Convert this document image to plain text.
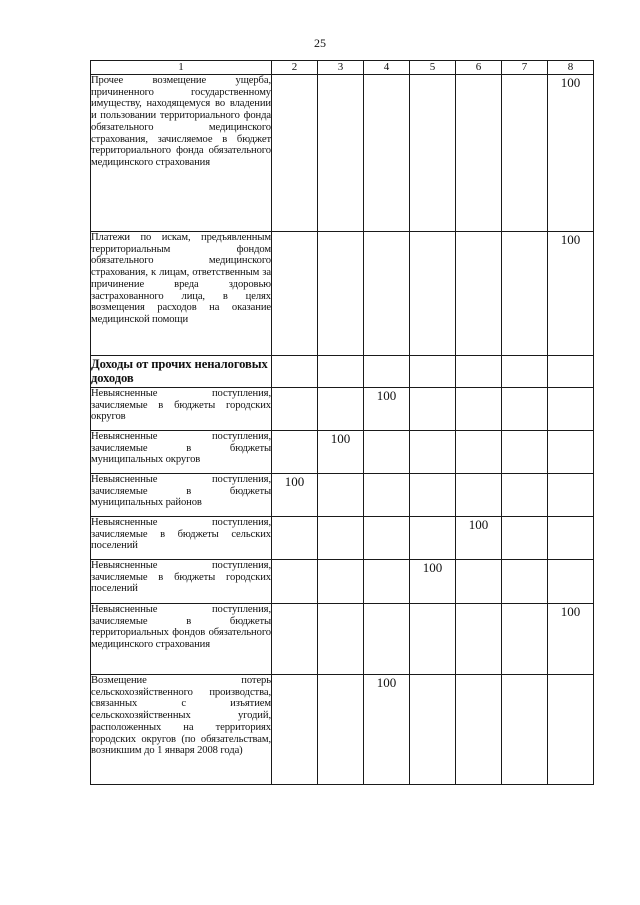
25
1	2	3	4	5	6	7	8
Прочее возмещение ущерба, причиненного государственному имуществу, находящемуся во владении и пользовании территориального фонда обязательного медицинского страхования, зачисляемое в бюджет территориального фонда обязательного медицинского страхования							100
Платежи по искам, предъявленным территориальным фондом обязательного медицинского страхования, к лицам, ответственным за причинение вреда здоровью застрахованного лица, в целях возмещения расходов на оказание медицинской помощи							100
Доходы от прочих неналоговых доходов							
Невыясненные поступления, зачисляемые в бюджеты городских округов			100				
Невыясненные поступления, зачисляемые в бюджеты муниципальных округов		100					
Невыясненные поступления, зачисляемые в бюджеты муниципальных районов	100						
Невыясненные поступления, зачисляемые в бюджеты сельских поселений					100		
Невыясненные поступления, зачисляемые в бюджеты городских поселений				100			
Невыясненные поступления, зачисляемые в бюджеты территориальных фондов обязательного медицинского страхования							100
Возмещение потерь сельскохозяйственного производства, связанных с изъятием сельскохозяйственных угодий, расположенных на территориях городских округов (по обязательствам, возникшим до 1 января 2008 года)			100				
